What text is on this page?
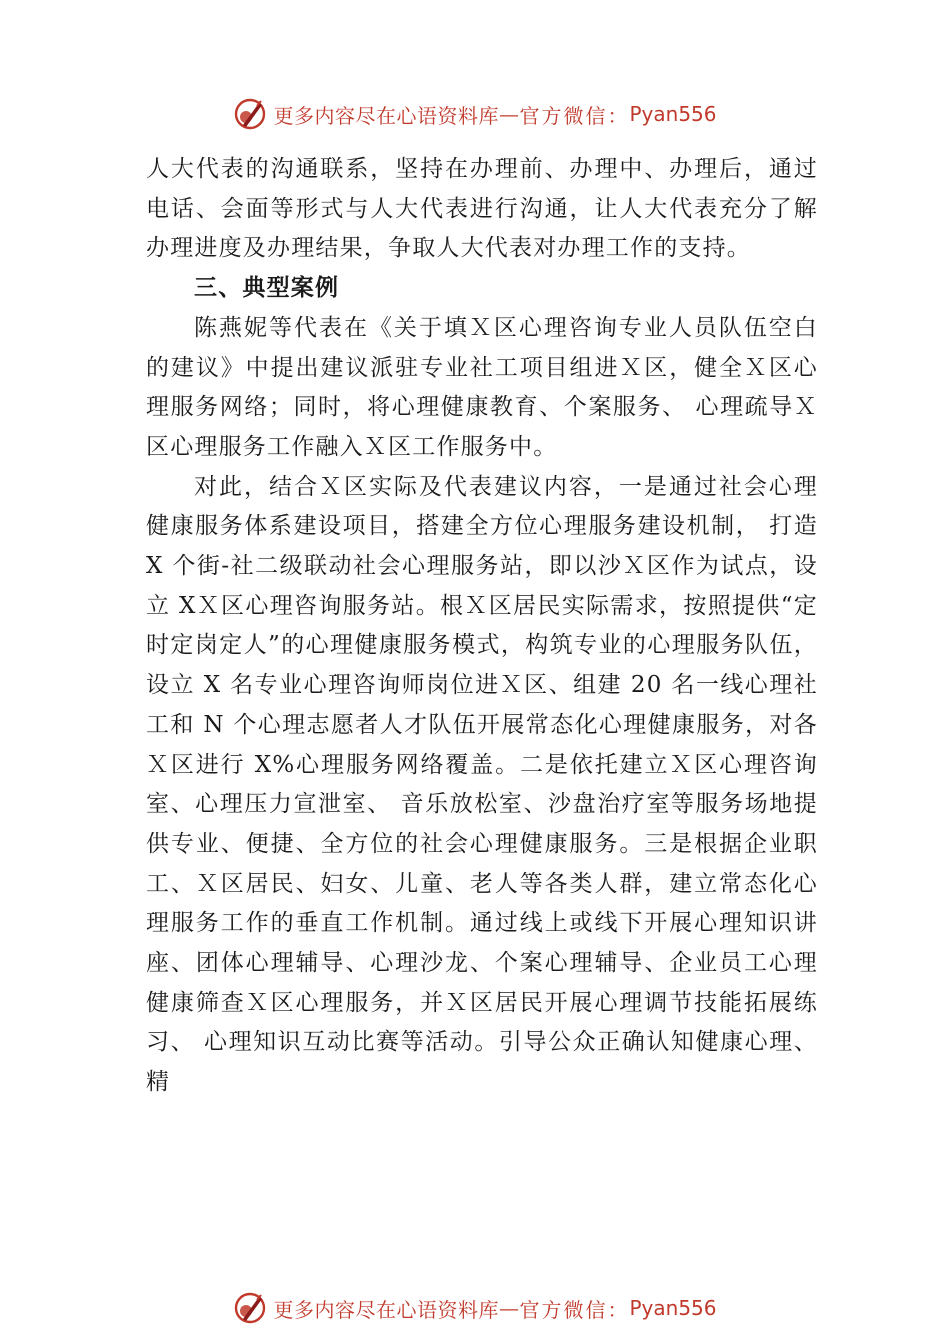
更多内容尽在心语资料库 — 官方微信： Pyan556

人大代表的沟通联系，坚持在办理前、办理中、办理后，通过电话、会面等形式与人大代表进行沟通，让人大代表充分了解办理进度及办理结果，争取人大代表对办理工作的支持。

三、典型案例

陈燕妮等代表在《关于填Ｘ区心理咨询专业人员队伍空白的建议》中提出建议派驻专业社工项目组进Ｘ区，健全Ｘ区心理服务网络；同时，将心理健康教育、个案服务、 心理疏导Ｘ区心理服务工作融入Ｘ区工作服务中。

对此，结合Ｘ区实际及代表建议内容，一是通过社会心理健康服务体系建设项目，搭建全方位心理服务建设机制， 打造 X 个街-社二级联动社会心理服务站，即以沙Ｘ区作为试点，设立 XＸ区心理咨询服务站。根Ｘ区居民实际需求，按照提供“定时定岗定人”的心理健康服务模式，构筑专业的心理服务队伍，设立 X 名专业心理咨询师岗位进Ｘ区、组建 20 名一线心理社工和 N 个心理志愿者人才队伍开展常态化心理健康服务，对各Ｘ区进行 X%心理服务网络覆盖。二是依托建立Ｘ区心理咨询室、心理压力宣泄室、 音乐放松室、沙盘治疗室等服务场地提供专业、便捷、全方位的社会心理健康服务。三是根据企业职工、Ｘ区居民、妇女、儿童、老人等各类人群，建立常态化心理服务工作的垂直工作机制。通过线上或线下开展心理知识讲座、团体心理辅导、心理沙龙、个案心理辅导、企业员工心理健康筛查Ｘ区心理服务，并Ｘ区居民开展心理调节技能拓展练习、 心理知识互动比赛等活动。引导公众正确认知健康心理、精

更多内容尽在心语资料库 — 官方微信： Pyan556
